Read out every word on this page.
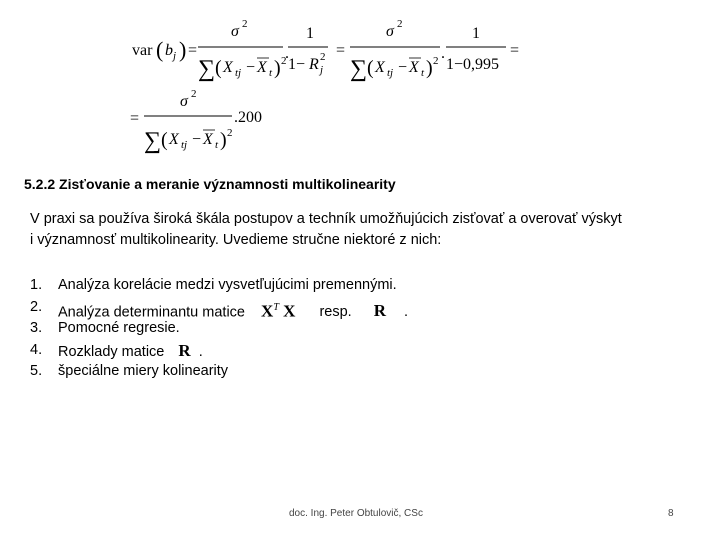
var ( b j ) =
σ 2
∑ ( X tj − X t ) 2
.
1
1− R j
2 =
σ 2
∑ ( X tj − X t ) 2 .
1
1−0,995
=
=
σ 2
∑ ( X tj − X t ) 2
.200
5.2.2 Zisťovanie a meranie významnosti multikolinearity

V praxi sa používa široká škála postupov a techník umožňujúcich zisťovať a overovať výskyt

i významnosť multikolinearity. Uvedieme stručne niektoré z nich:

1. Analýza korelácie medzi vysvetľujúcimi premennými.
2. Analýza determinantu matice $X^T$ X resp. R .
3. Pomocné regresie.
4. Rozklady matice R .
5. špeciálne miery kolinearity
doc. Ing. Peter Obtulovič, CSc	8
